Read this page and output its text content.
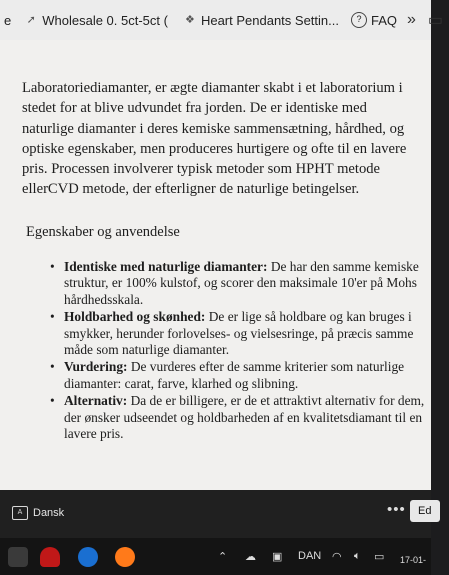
e ➚ Wholesale 0. 5ct-5ct ( ❖ Heart Pendants Settin...	? FAQ » ▭

Laboratoriediamanter, er ægte diamanter skabt i et laboratorium i stedet for at blive udvundet fra jorden. De er identiske med naturlige diamanter i deres kemiske sammensætning, hårdhed, og optiske egenskaber, men produceres hurtigere og ofte til en lavere pris. Processen involverer typisk metoder som HPHT metode ellerCVD metode, der efterligner de naturlige betingelser.

Egenskaber og anvendelse

• Identiske med naturlige diamanter: De har den samme kemiske struktur, er 100% kulstof, og scorer den maksimale 10'er på Mohs hårdhedsskala.
• Holdbarhed og skønhed: De er lige så holdbare og kan bruges i smykker, herunder forlovelses- og vielsesringe, på præcis samme måde som naturlige diamanter.
• Vurdering: De vurderes efter de samme kriterier som naturlige diamanter: carat, farve, klarhed og slibning.
• Alternativ: Da de er billigere, er de et attraktivt alternativ for dem, der ønsker udseendet og holdbarheden af en kvalitetsdiamant til en lavere pris.
A Dansk	•••	Ed
⌃ ☁ ▣ DAN ◠ 🔈︎ ▭ 17-01-
